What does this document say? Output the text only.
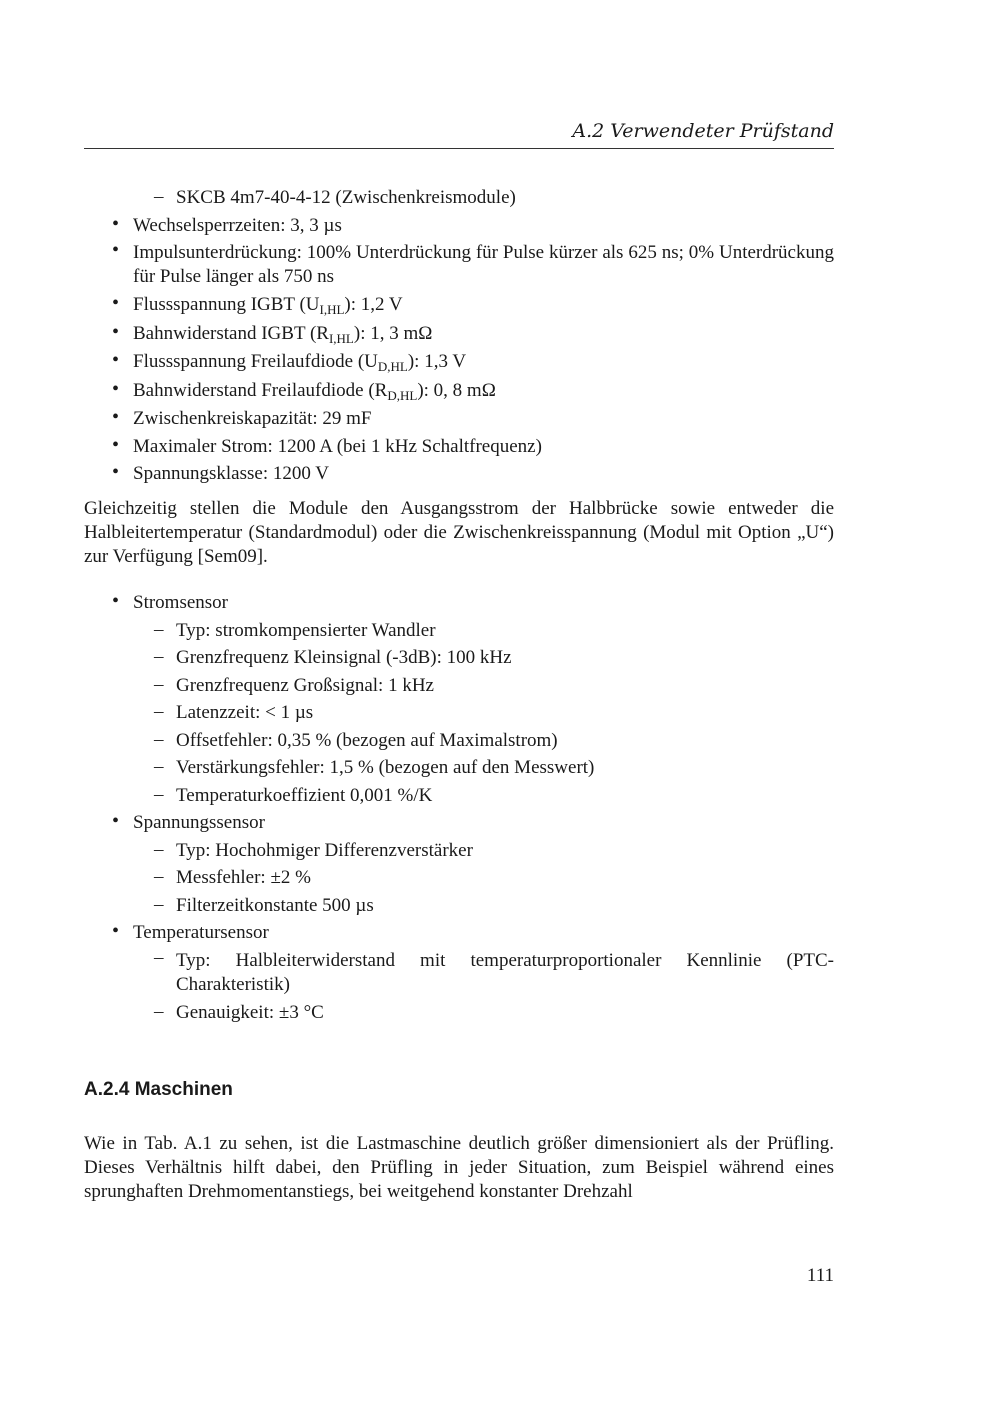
A.2 Verwendeter Prüfstand
– SKCB 4m7-40-4-12 (Zwischenkreismodule)
• Wechselsperrzeiten: 3, 3 µs
• Impulsunterdrückung: 100% Unterdrückung für Pulse kürzer als 625 ns; 0% Unterdrückung für Pulse länger als 750 ns
• Flussspannung IGBT $(U_{I,HL})$: 1,2 V
• Bahnwiderstand IGBT $(R_{I,HL})$: 1, 3 mΩ
• Flussspannung Freilaufdiode $(U_{D,HL})$: 1,3 V
• Bahnwiderstand Freilaufdiode $(R_{D,HL})$: 0, 8 mΩ
• Zwischenkreiskapazität: 29 mF
• Maximaler Strom: 1200 A (bei 1 kHz Schaltfrequenz)
• Spannungsklasse: 1200 V
Gleichzeitig stellen die Module den Ausgangsstrom der Halbbrücke sowie entweder die Halbleitertemperatur (Standardmodul) oder die Zwischenkreisspannung (Modul mit Option „U“) zur Verfügung [Sem09].
• Stromsensor
– Typ: stromkompensierter Wandler
– Grenzfrequenz Kleinsignal (-3dB): 100 kHz
– Grenzfrequenz Großsignal: 1 kHz
– Latenzzeit: < 1 µs
– Offsetfehler: 0,35 % (bezogen auf Maximalstrom)
– Verstärkungsfehler: 1,5 % (bezogen auf den Messwert)
– Temperaturkoeffizient 0,001 %/K
• Spannungssensor
– Typ: Hochohmiger Differenzverstärker
– Messfehler: ±2 %
– Filterzeitkonstante 500 µs
• Temperatursensor
– Typ: Halbleiterwiderstand mit temperaturproportionaler Kennlinie (PTC-Charakteristik)
– Genauigkeit: ±3 °C
A.2.4 Maschinen
Wie in Tab. A.1 zu sehen, ist die Lastmaschine deutlich größer dimensioniert als der Prüfling. Dieses Verhältnis hilft dabei, den Prüfling in jeder Situation, zum Beispiel während eines sprunghaften Drehmomentanstiegs, bei weitgehend konstanter Drehzahl
111
